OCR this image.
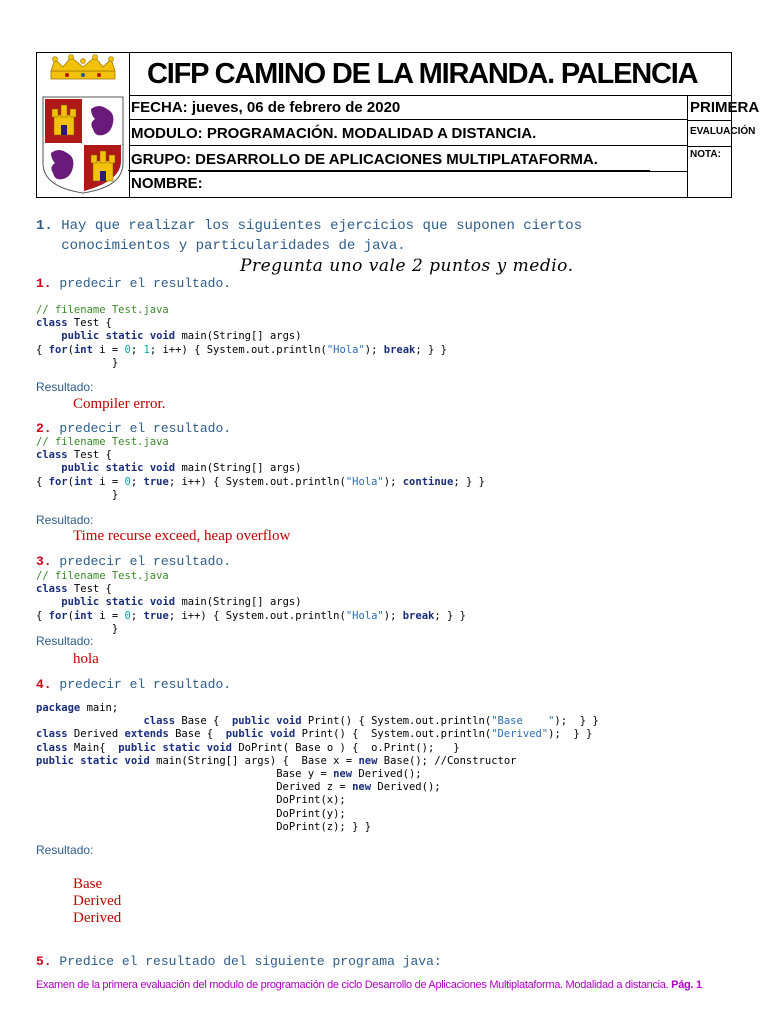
CIFP CAMINO DE LA MIRANDA. PALENCIA
FECHA: jueves, 06 de febrero de 2020
MODULO: PROGRAMACIÓN. MODALIDAD A DISTANCIA.
GRUPO: DESARROLLO DE APLICACIONES MULTIPLATAFORMA.
NOMBRE:
PRIMERA
EVALUACIÓN
NOTA:
1. Hay que realizar los siguientes ejercicios que suponen ciertos
conocimientos y particularidades de java.
Pregunta uno vale 2 puntos y medio.
1. predecir el resultado.
// filename Test.java
class Test {
public static void main(String[] args)
{ for(int i = 0; 1; i++) { System.out.println("Hola"); break; } }
}
Resultado:
Compiler error.
2. predecir el resultado.
// filename Test.java
class Test {
public static void main(String[] args)
{ for(int i = 0; true; i++) { System.out.println("Hola"); continue; } }
}
Resultado:
Time recurse exceed, heap overflow
3. predecir el resultado.
// filename Test.java
class Test {
public static void main(String[] args)
{ for(int i = 0; true; i++) { System.out.println("Hola"); break; } }
}
Resultado:
hola
4. predecir el resultado.
package main;
class Base {  public void Print() { System.out.println("Base    ");  } }
class Derived extends Base {  public void Print() {  System.out.println("Derived");  } }
class Main{  public static void DoPrint( Base o ) {  o.Print();   }
public static void main(String[] args) {  Base x = new Base(); //Constructor
Base y = new Derived();
Derived z = new Derived();
DoPrint(x);
DoPrint(y);
DoPrint(z); } }
Resultado:
Base
Derived
Derived
5. Predice el resultado del siguiente programa java:
Examen de la primera evaluación del modulo de programación de ciclo Desarrollo de Aplicaciones Multiplataforma. Modalidad a distancia. Pág. 1
